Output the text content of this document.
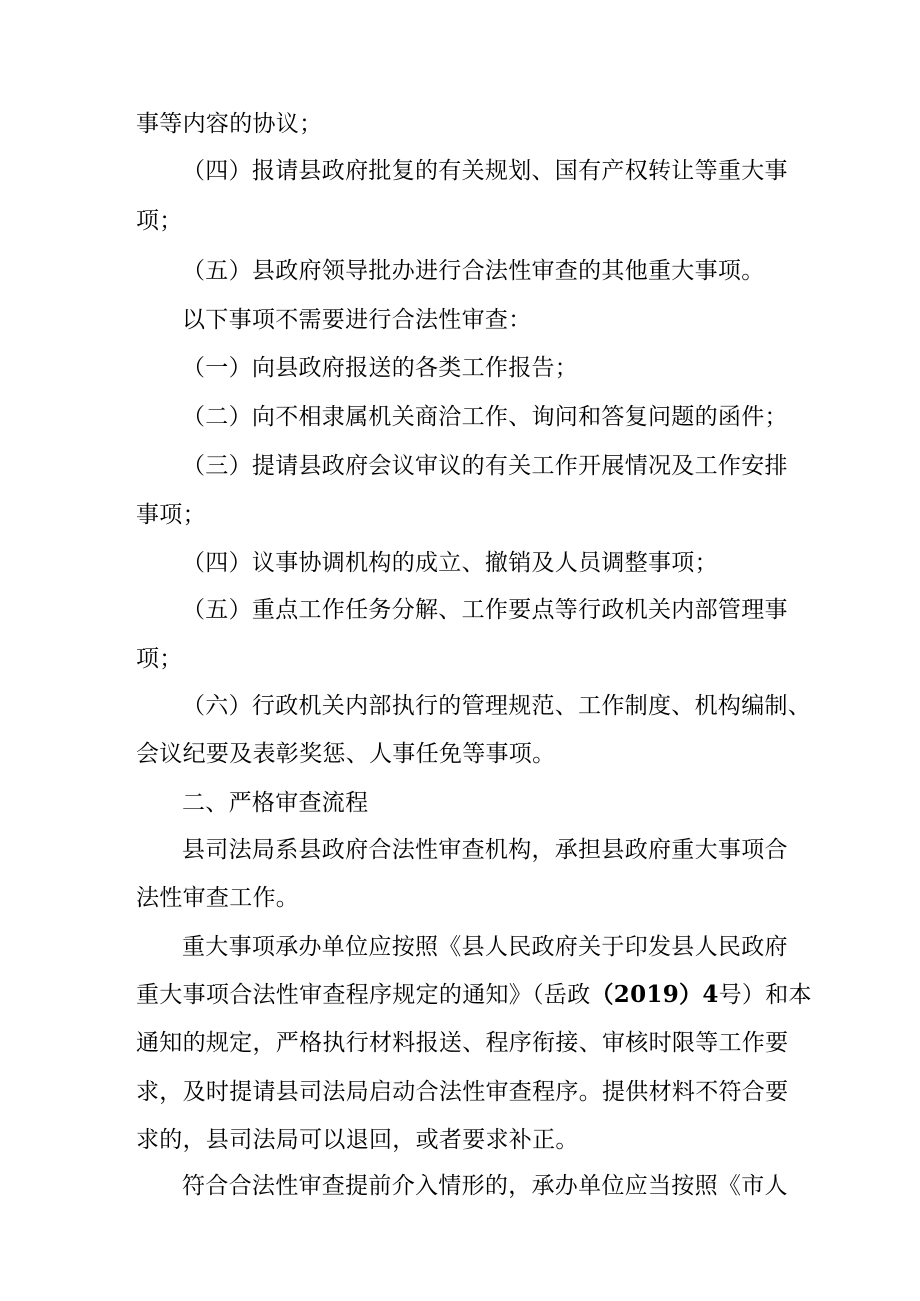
事等内容的协议；
（四）报请县政府批复的有关规划、国有产权转让等重大事
项；
（五）县政府领导批办进行合法性审查的其他重大事项。
以下事项不需要进行合法性审查：
（一）向县政府报送的各类工作报告；
（二）向不相隶属机关商洽工作、询问和答复问题的函件；
（三）提请县政府会议审议的有关工作开展情况及工作安排
事项；
（四）议事协调机构的成立、撤销及人员调整事项；
（五）重点工作任务分解、工作要点等行政机关内部管理事
项；
（六）行政机关内部执行的管理规范、工作制度、机构编制、
会议纪要及表彰奖惩、人事任免等事项。
二、严格审查流程
县司法局系县政府合法性审查机构，承担县政府重大事项合
法性审查工作。
重大事项承办单位应按照《县人民政府关于印发县人民政府
重大事项合法性审查程序规定的通知》（岳政（2019）4号）和本
通知的规定，严格执行材料报送、程序衔接、审核时限等工作要
求，及时提请县司法局启动合法性审查程序。提供材料不符合要
求的，县司法局可以退回，或者要求补正。
符合合法性审查提前介入情形的，承办单位应当按照《市人
